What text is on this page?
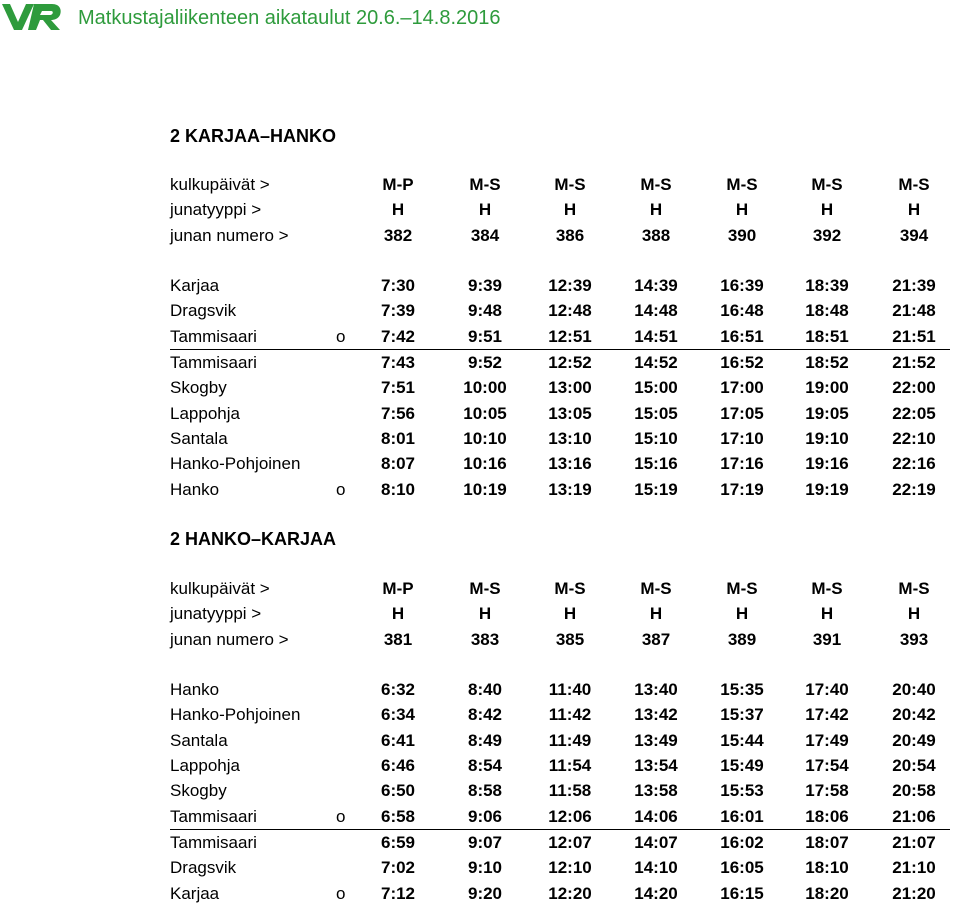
Matkustajaliikenteen aikataulut 20.6.–14.8.2016
2 KARJAA–HANKO
kulkupäivät >	M-P	M-S	M-S	M-S	M-S	M-S	M-S
junatyyppi >	H	H	H	H	H	H	H
junan numero >	382	384	386	388	390	392	394
Karjaa	7:30	9:39	12:39	14:39	16:39	18:39	21:39
Dragsvik	7:39	9:48	12:48	14:48	16:48	18:48	21:48
Tammisaari	o	7:42	9:51	12:51	14:51	16:51	18:51	21:51
Tammisaari	7:43	9:52	12:52	14:52	16:52	18:52	21:52
Skogby	7:51	10:00	13:00	15:00	17:00	19:00	22:00
Lappohja	7:56	10:05	13:05	15:05	17:05	19:05	22:05
Santala	8:01	10:10	13:10	15:10	17:10	19:10	22:10
Hanko-Pohjoinen	8:07	10:16	13:16	15:16	17:16	19:16	22:16
Hanko	o	8:10	10:19	13:19	15:19	17:19	19:19	22:19
2 HANKO–KARJAA
kulkupäivät >	M-P	M-S	M-S	M-S	M-S	M-S	M-S
junatyyppi >	H	H	H	H	H	H	H
junan numero >	381	383	385	387	389	391	393
Hanko	6:32	8:40	11:40	13:40	15:35	17:40	20:40
Hanko-Pohjoinen	6:34	8:42	11:42	13:42	15:37	17:42	20:42
Santala	6:41	8:49	11:49	13:49	15:44	17:49	20:49
Lappohja	6:46	8:54	11:54	13:54	15:49	17:54	20:54
Skogby	6:50	8:58	11:58	13:58	15:53	17:58	20:58
Tammisaari	o	6:58	9:06	12:06	14:06	16:01	18:06	21:06
Tammisaari	6:59	9:07	12:07	14:07	16:02	18:07	21:07
Dragsvik	7:02	9:10	12:10	14:10	16:05	18:10	21:10
Karjaa	o	7:12	9:20	12:20	14:20	16:15	18:20	21:20
